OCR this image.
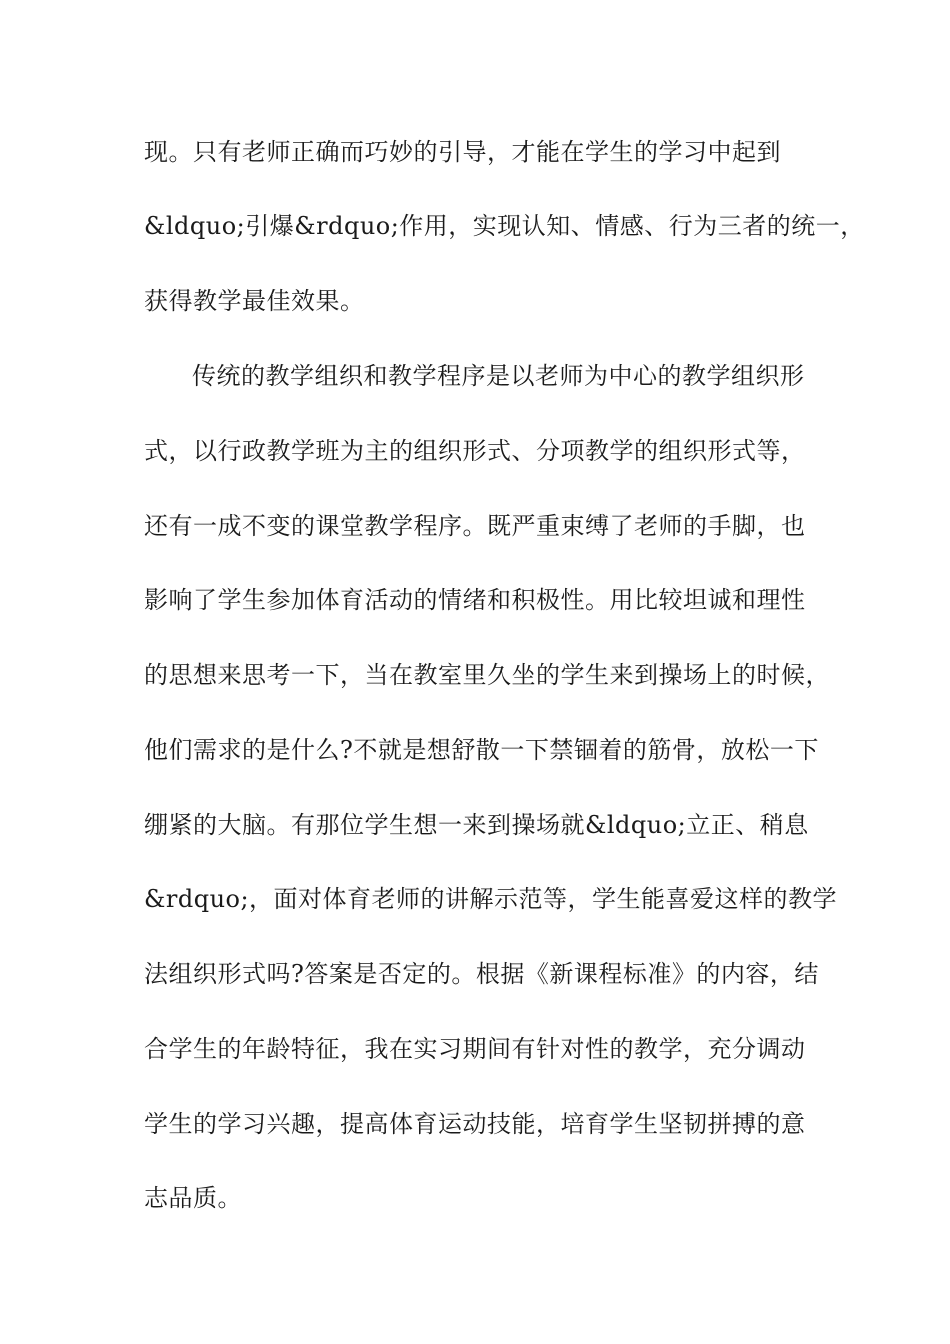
现。只有老师正确而巧妙的引导，才能在学生的学习中起到
&ldquo;引爆&rdquo;作用，实现认知、情感、行为三者的统一，
获得教学最佳效果。
传统的教学组织和教学程序是以老师为中心的教学组织形
式，以行政教学班为主的组织形式、分项教学的组织形式等，
还有一成不变的课堂教学程序。既严重束缚了老师的手脚，也
影响了学生参加体育活动的情绪和积极性。用比较坦诚和理性
的思想来思考一下，当在教室里久坐的学生来到操场上的时候，
他们需求的是什么?不就是想舒散一下禁锢着的筋骨，放松一下
绷紧的大脑。有那位学生想一来到操场就&ldquo;立正、稍息
&rdquo;，面对体育老师的讲解示范等，学生能喜爱这样的教学
法组织形式吗?答案是否定的。根据《新课程标准》的内容，结
合学生的年龄特征，我在实习期间有针对性的教学，充分调动
学生的学习兴趣，提高体育运动技能，培育学生坚韧拼搏的意
志品质。
